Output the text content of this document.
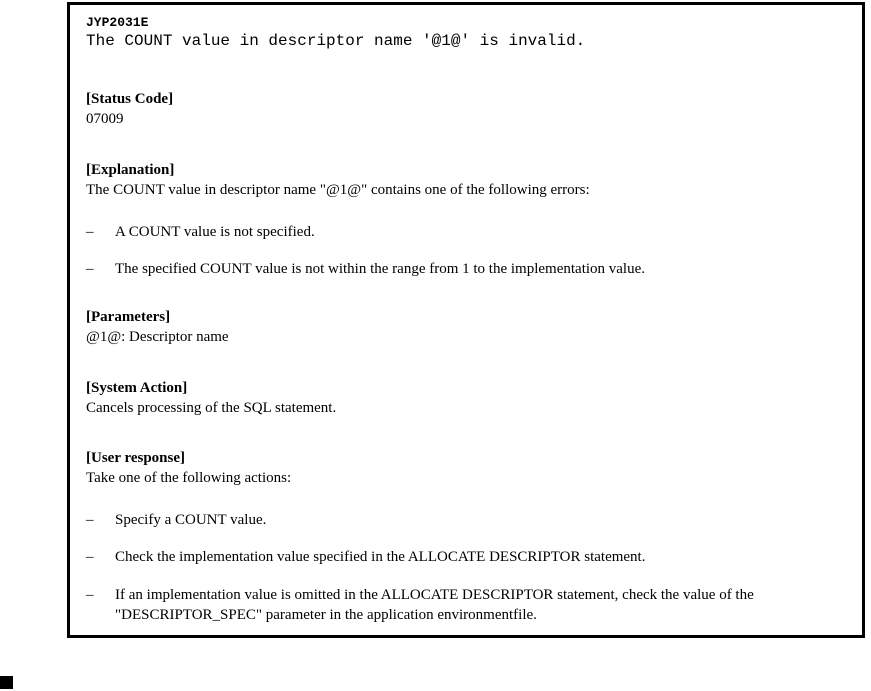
JYP2031E
The COUNT value in descriptor name '@1@' is invalid.
[Status Code]
07009
[Explanation]
The COUNT value in descriptor name "@1@" contains one of the following errors:
– A COUNT value is not specified.
– The specified COUNT value is not within the range from 1 to the implementation value.
[Parameters]
@1@: Descriptor name
[System Action]
Cancels processing of the SQL statement.
[User response]
Take one of the following actions:
– Specify a COUNT value.
– Check the implementation value specified in the ALLOCATE DESCRIPTOR statement.
– If an implementation value is omitted in the ALLOCATE DESCRIPTOR statement, check the value of the "DESCRIPTOR_SPEC" parameter in the application environmentfile.
